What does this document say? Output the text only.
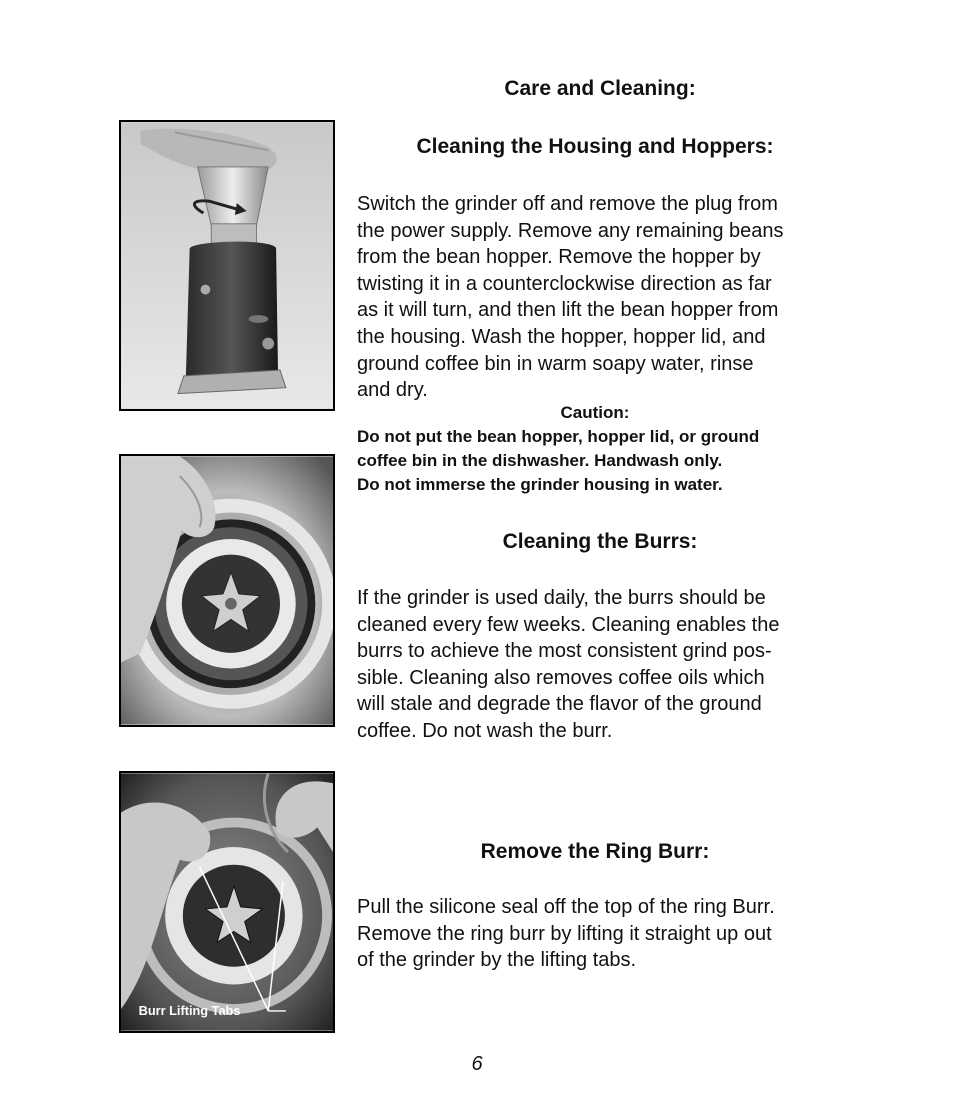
Care and Cleaning:
Cleaning the Housing and Hoppers:

Switch the grinder off and remove the plug from

the power supply. Remove any remaining beans

from the bean hopper. Remove the hopper by

twisting it in a counterclockwise direction as far

as it will turn, and then lift the bean hopper from

the housing. Wash the hopper, hopper lid, and

ground coffee bin in warm soapy water, rinse

and dry.

Caution:

Do not put the bean hopper, hopper lid, or ground

coffee bin in the dishwasher. Handwash only.

Do not immerse the grinder housing in water.

Cleaning the Burrs:

If the grinder is used daily, the burrs should be

cleaned every few weeks. Cleaning enables the

burrs to achieve the most consistent grind pos-

sible. Cleaning also removes coffee oils which

will stale and degrade the flavor of the ground

coffee. Do not wash the burr.

Burr Lifting Tabs
Remove the Ring Burr:

Pull the silicone seal off the top of the ring Burr.

Remove the ring burr by lifting it straight up out

of the grinder by the lifting tabs.

6
